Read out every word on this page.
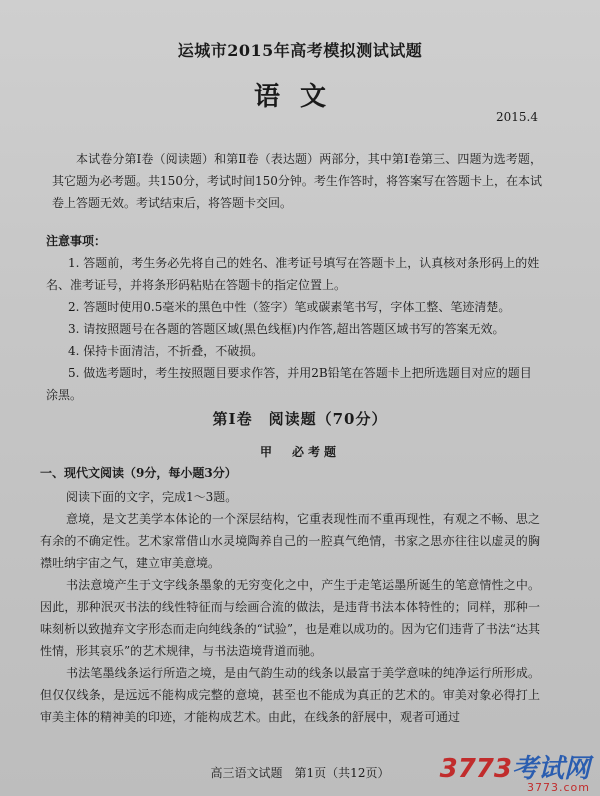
运城市2015年高考模拟测试试题
语文
2015.4
本试卷分第Ⅰ卷（阅读题）和第Ⅱ卷（表达题）两部分，其中第Ⅰ卷第三、四题为选考题，其它题为必考题。共150分，考试时间150分钟。考生作答时，将答案写在答题卡上，在本试卷上答题无效。考试结束后，将答题卡交回。
注意事项：
1. 答题前，考生务必先将自己的姓名、准考证号填写在答题卡上，认真核对条形码上的姓名、准考证号，并将条形码粘贴在答题卡的指定位置上。
2. 答题时使用0.5毫米的黑色中性（签字）笔或碳素笔书写，字体工整、笔迹清楚。
3. 请按照题号在各题的答题区域(黑色线框)内作答,超出答题区域书写的答案无效。
4. 保持卡面清洁，不折叠，不破损。
5. 做选考题时，考生按照题目要求作答，并用2B铅笔在答题卡上把所选题目对应的题目涂黑。
第Ⅰ卷　阅读题（70分）
甲　必考题
一、现代文阅读（9分，每小题3分）
阅读下面的文字，完成1～3题。
意境，是文艺美学本体论的一个深层结构，它重表现性而不重再现性，有观之不畅、思之有余的不确定性。艺术家常借山水灵境陶养自己的一腔真气绝情，书家之思亦往往以虚灵的胸襟吐纳宇宙之气，建立审美意境。
书法意境产生于文字线条墨象的无穷变化之中，产生于走笔运墨所诞生的笔意情性之中。因此，那种泯灭书法的线性特征而与绘画合流的做法，是违背书法本体特性的；同样，那种一味刻析以致抛弃文字形态而走向纯线条的“试验”，也是难以成功的。因为它们违背了书法“达其性情，形其哀乐”的艺术规律，与书法造境背道而驰。
书法笔墨线条运行所造之境，是由气韵生动的线条以最富于美学意味的纯净运行所形成。但仅仅线条，是远远不能构成完整的意境，甚至也不能成为真正的艺术的。审美对象必得打上审美主体的精神美的印迹，才能构成艺术。由此，在线条的舒展中，观者可通过
高三语文试题　第1页（共12页）	3773考试网
3773.com
